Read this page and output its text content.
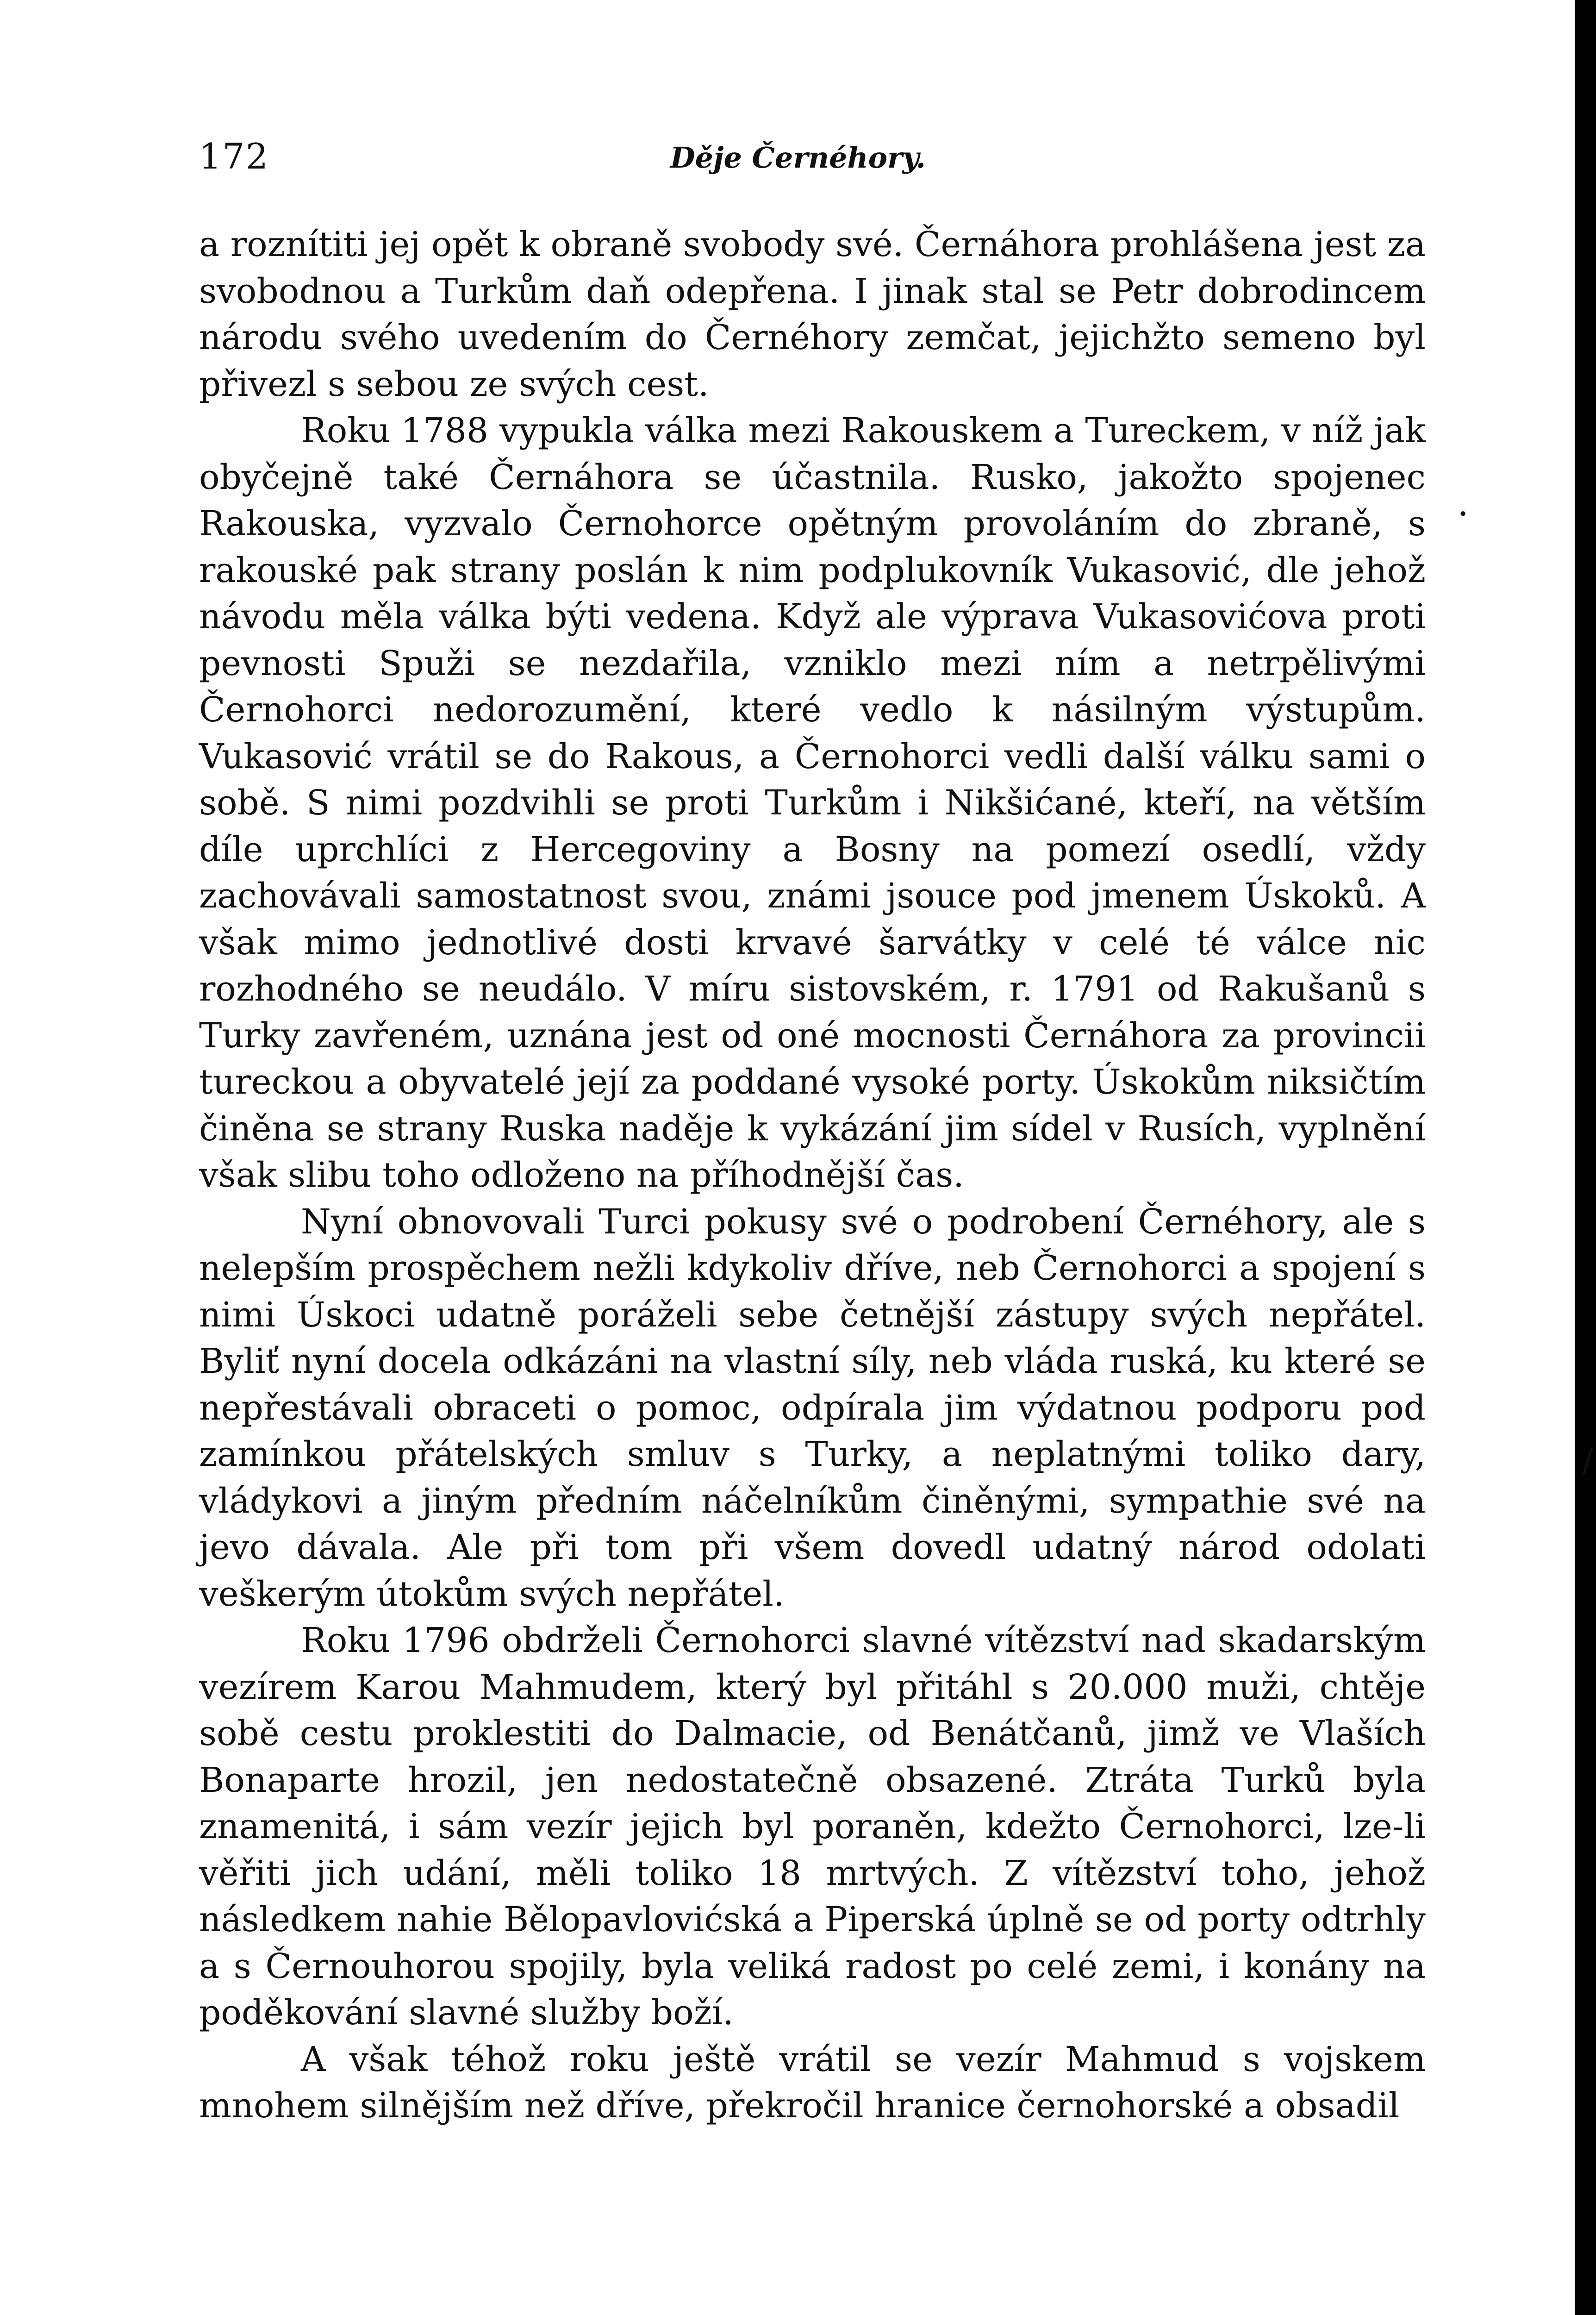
172	Děje Černéhory.

a roznítiti jej opět k obraně svobody své. Černáhora prohlášena jest za svobodnou a Turkům daň odepřena. I jinak stal se Petr dobrodincem národu svého uvedením do Černéhory zemčat, jejichžto semeno byl přivezl s sebou ze svých cest.

Roku 1788 vypukla válka mezi Rakouskem a Tureckem, v níž jak obyčejně také Černáhora se účastnila. Rusko, jakožto spojenec Rakouska, vyzvalo Černohorce opětným provoláním do zbraně, s rakouské pak strany poslán k nim podplukovník Vukasović, dle jehož návodu měla válka býti vedena. Když ale výprava Vukasovićova proti pevnosti Spuži se nezdařila, vzniklo mezi ním a netrpělivými Černohorci nedorozumění, které vedlo k násilným výstupům. Vukasović vrátil se do Rakous, a Černohorci vedli další válku sami o sobě. S nimi pozdvihli se proti Turkům i Nikšićané, kteří, na větším díle uprchlíci z Hercegoviny a Bosny na pomezí osedlí, vždy zachovávali samostatnost svou, známi jsouce pod jmenem Úskoků. A však mimo jednotlivé dosti krvavé šarvátky v celé té válce nic rozhodného se neudálo. V míru sistovském, r. 1791 od Rakušanů s Turky zavřeném, uznána jest od oné mocnosti Černáhora za provincii tureckou a obyvatelé její za poddané vysoké porty. Úskokům niksičtím činěna se strany Ruska naděje k vykázání jim sídel v Rusích, vyplnění však slibu toho odloženo na příhodnější čas.

Nyní obnovovali Turci pokusy své o podrobení Černéhory, ale s nelepším prospěchem nežli kdykoliv dříve, neb Černohorci a spojení s nimi Úskoci udatně poráželi sebe četnější zástupy svých nepřátel. Byliť nyní docela odkázáni na vlastní síly, neb vláda ruská, ku které se nepřestávali obraceti o pomoc, odpírala jim výdatnou podporu pod zamínkou přátelských smluv s Turky, a neplatnými toliko dary, vládykovi a jiným předním náčelníkům činěnými, sympathie své na jevo dávala. Ale při tom při všem dovedl udatný národ odolati veškerým útokům svých nepřátel.

Roku 1796 obdrželi Černohorci slavné vítězství nad skadarským vezírem Karou Mahmudem, který byl přitáhl s 20.000 muži, chtěje sobě cestu proklestiti do Dalmacie, od Benátčanů, jimž ve Vlaších Bonaparte hrozil, jen nedostatečně obsazené. Ztráta Turků byla znamenitá, i sám vezír jejich byl poraněn, kdežto Černohorci, lze-li věřiti jich udání, měli toliko 18 mrtvých. Z vítězství toho, jehož následkem nahie Bělopavlovićská a Piperská úplně se od porty odtrhly a s Černouhorou spojily, byla veliká radost po celé zemi, i konány na poděkování slavné služby boží.

A však téhož roku ještě vrátil se vezír Mahmud s vojskem mnohem silnějším než dříve, překročil hranice černohorské a obsadil

·
/
